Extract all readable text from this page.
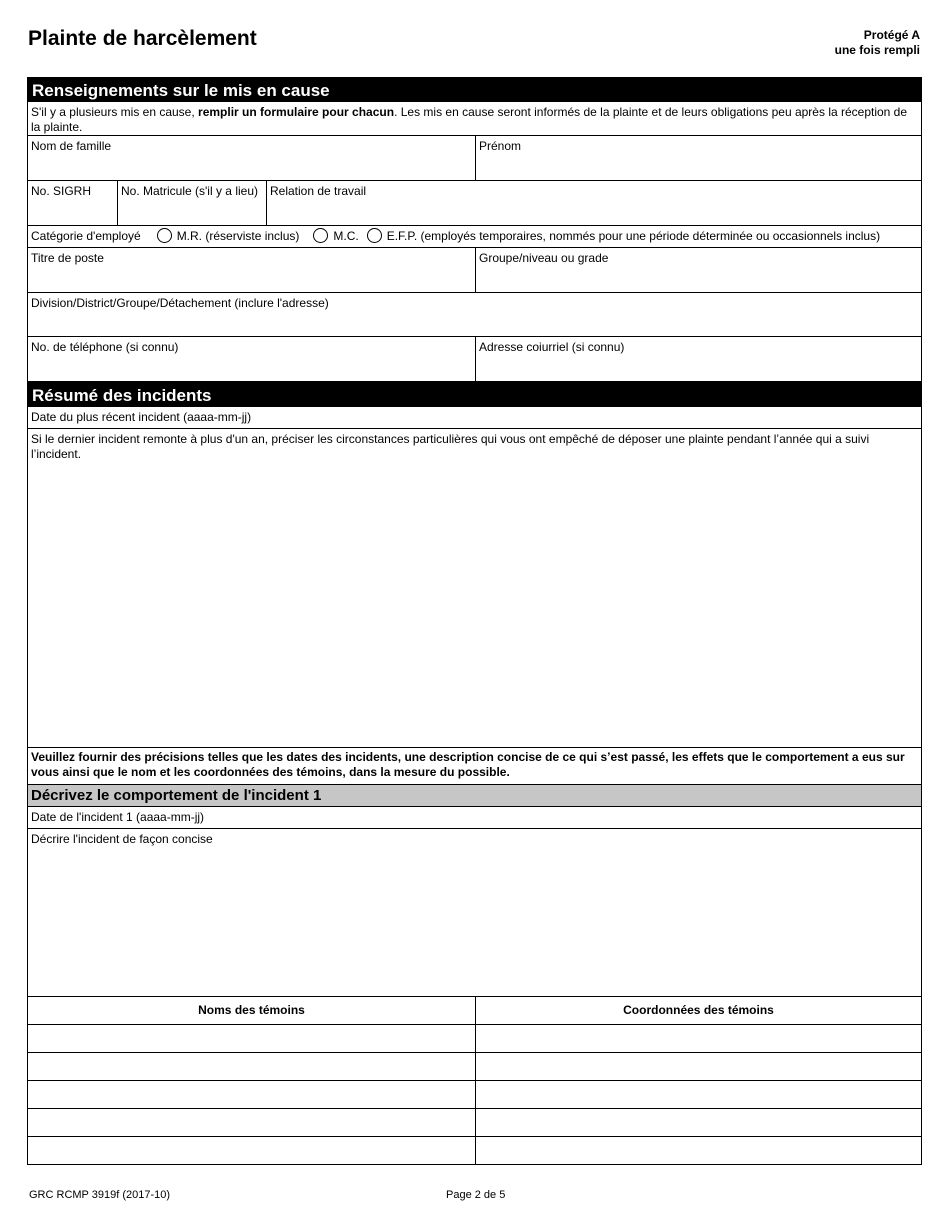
Plainte de harcèlement	Protégé A
une fois rempli
Renseignements sur le mis en cause
S'il y a plusieurs mis en cause, remplir un formulaire pour chacun. Les mis en cause seront informés de la plainte et de leurs obligations peu après la réception de la plainte.
Nom de famille	Prénom
No. SIGRH	No. Matricule (s'il y a lieu)	Relation de travail
Catégorie d'employé	M.R. (réserviste inclus)	M.C. E.F.P. (employés temporaires, nommés pour une période déterminée ou occasionnels inclus)
Titre de poste	Groupe/niveau ou grade
Division/District/Groupe/Détachement (inclure l'adresse)
No. de téléphone (si connu)	Adresse coiurriel (si connu)
Résumé des incidents
Date du plus récent incident (aaaa-mm-jj)
Si le dernier incident remonte à plus d'un an, préciser les circonstances particulières qui vous ont empêché de déposer une plainte pendant l’année qui a suivi l’incident.
Veuillez fournir des précisions telles que les dates des incidents, une description concise de ce qui s’est passé, les effets que le comportement a eus sur vous ainsi que le nom et les coordonnées des témoins, dans la mesure du possible.
Décrivez le comportement de l'incident 1
Date de l'incident 1 (aaaa-mm-jj)
Décrire l'incident de façon concise
Noms des témoins	Coordonnées des témoins
GRC RCMP 3919f (2017-10)	Page 2 de 5
